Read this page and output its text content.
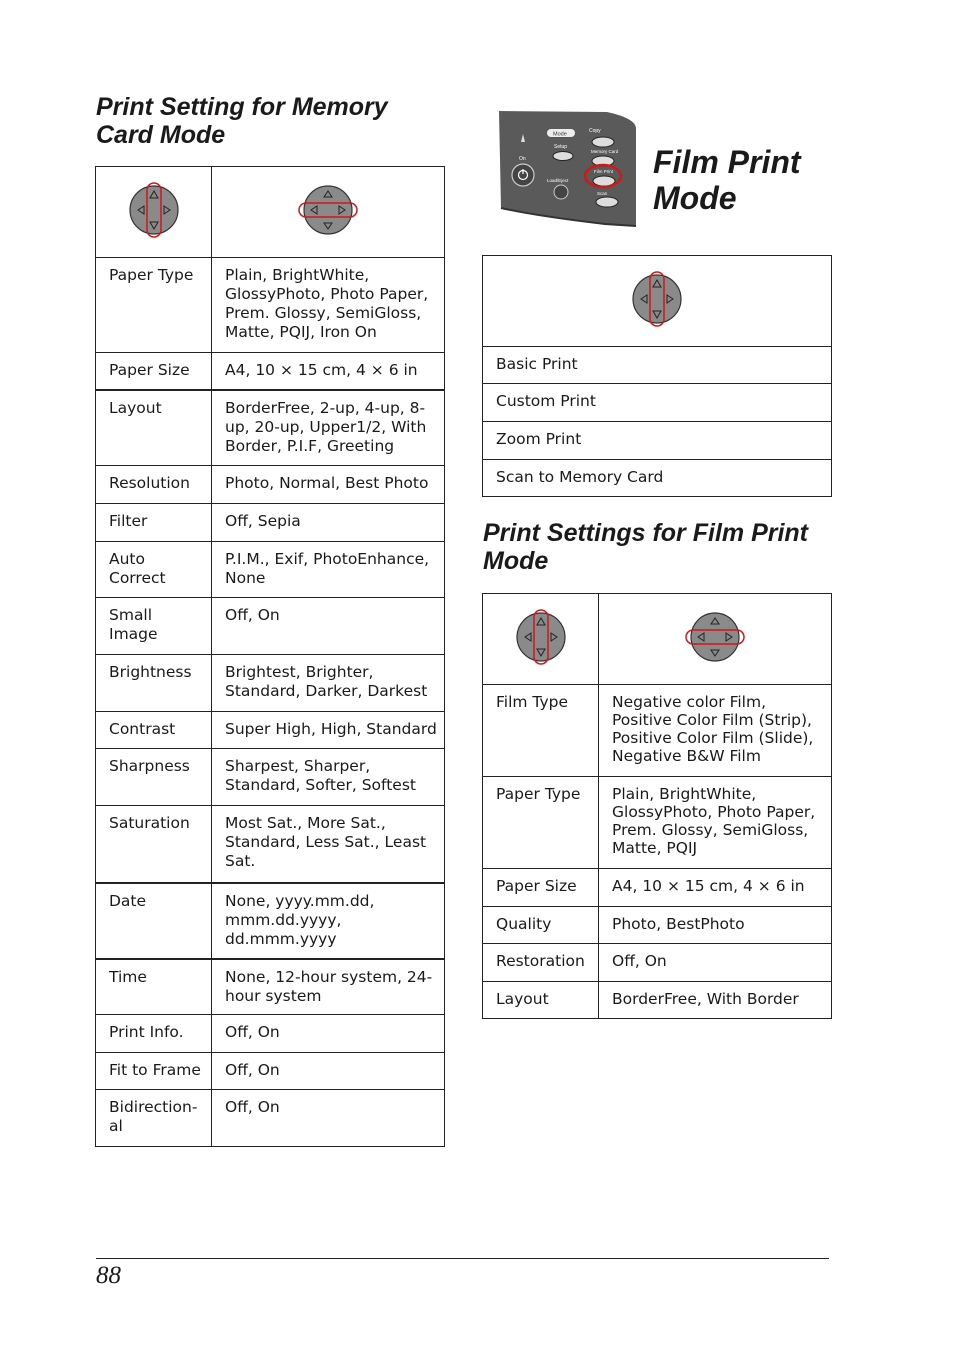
Print Setting for Memory Card Mode

Paper Type	Plain, BrightWhite, GlossyPhoto, Photo Paper, Prem. Glossy, SemiGloss, Matte, PQIJ, Iron On
Paper Size	A4, 10 × 15 cm, 4 × 6 in
Layout	BorderFree, 2-up, 4-up, 8-up, 20-up, Upper1/2, With Border, P.I.F, Greeting
Resolution	Photo, Normal, Best Photo
Filter	Off, Sepia
Auto Correct	P.I.M., Exif, PhotoEnhance, None
Small Image	Off, On
Brightness	Brightest, Brighter, Standard, Darker, Darkest
Contrast	Super High, High, Standard
Sharpness	Sharpest, Sharper, Standard, Softer, Softest
Saturation	Most Sat., More Sat., Standard, Less Sat., Least Sat.
Date	None, yyyy.mm.dd, mmm.dd.yyyy, dd.mmm.yyyy
Time	None, 12-hour system, 24-hour system
Print Info.	Off, On
Fit to Frame	Off, On
Bidirection-al	Off, On
On
Mode
Copy
Setup
Memory Card
Film Print
Load/Eject
Scan
Film Print Mode

Basic Print
Custom Print
Zoom Print
Scan to Memory Card
Print Settings for Film Print Mode

Film Type	Negative color Film, Positive Color Film (Strip), Positive Color Film (Slide), Negative B&W Film
Paper Type	Plain, BrightWhite, GlossyPhoto, Photo Paper, Prem. Glossy, SemiGloss, Matte, PQIJ
Paper Size	A4, 10 × 15 cm, 4 × 6 in
Quality	Photo, BestPhoto
Restoration	Off, On
Layout	BorderFree, With Border
88
